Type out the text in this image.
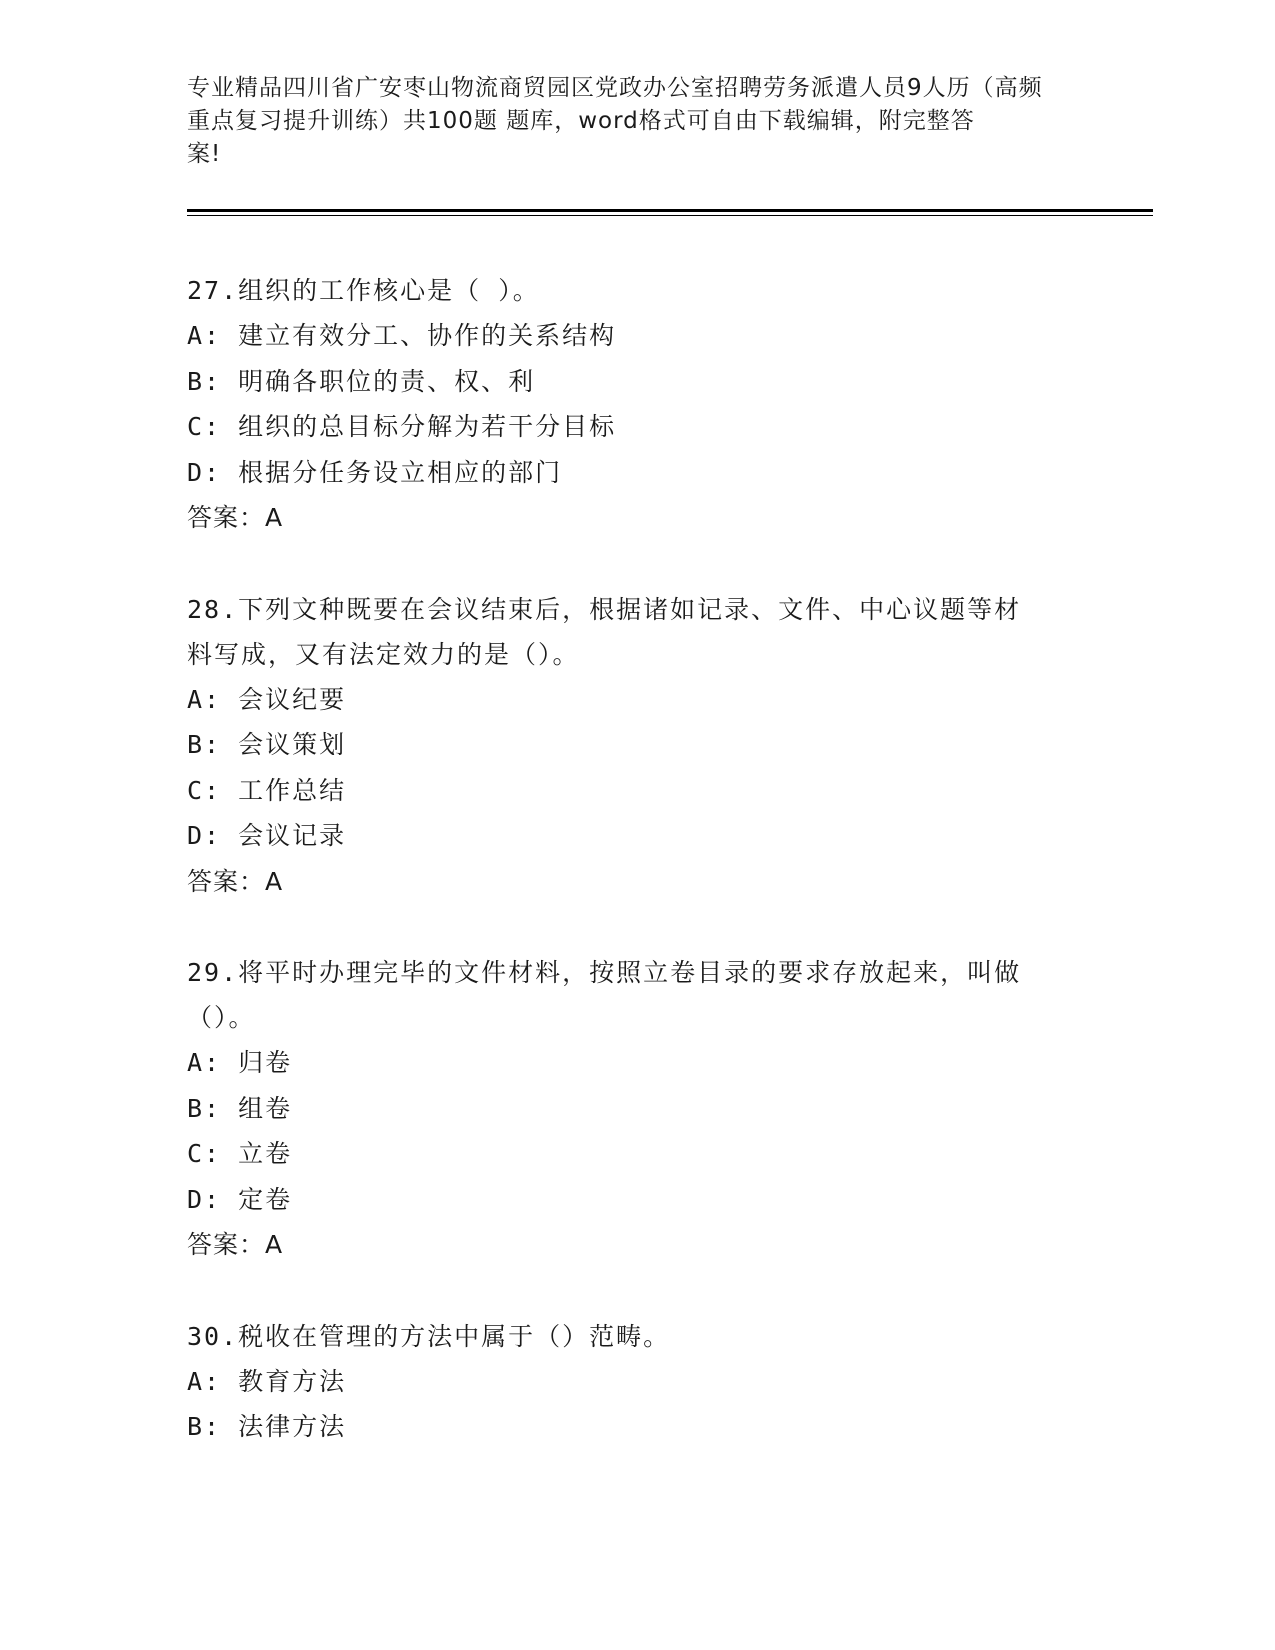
专业精品四川省广安枣山物流商贸园区党政办公室招聘劳务派遣人员9人历（高频
重点复习提升训练）共100题 题库，word格式可自由下载编辑，附完整答
案!
27.组织的工作核心是（ ）。
A: 建立有效分工、协作的关系结构
B: 明确各职位的责、权、利
C: 组织的总目标分解为若干分目标
D: 根据分任务设立相应的部门
答案：A
28.下列文种既要在会议结束后，根据诸如记录、文件、中心议题等材
料写成，又有法定效力的是（）。
A: 会议纪要
B: 会议策划
C: 工作总结
D: 会议记录
答案：A
29.将平时办理完毕的文件材料，按照立卷目录的要求存放起来，叫做
（）。
A: 归卷
B: 组卷
C: 立卷
D: 定卷
答案：A
30.税收在管理的方法中属于（）范畴。
A: 教育方法
B: 法律方法
